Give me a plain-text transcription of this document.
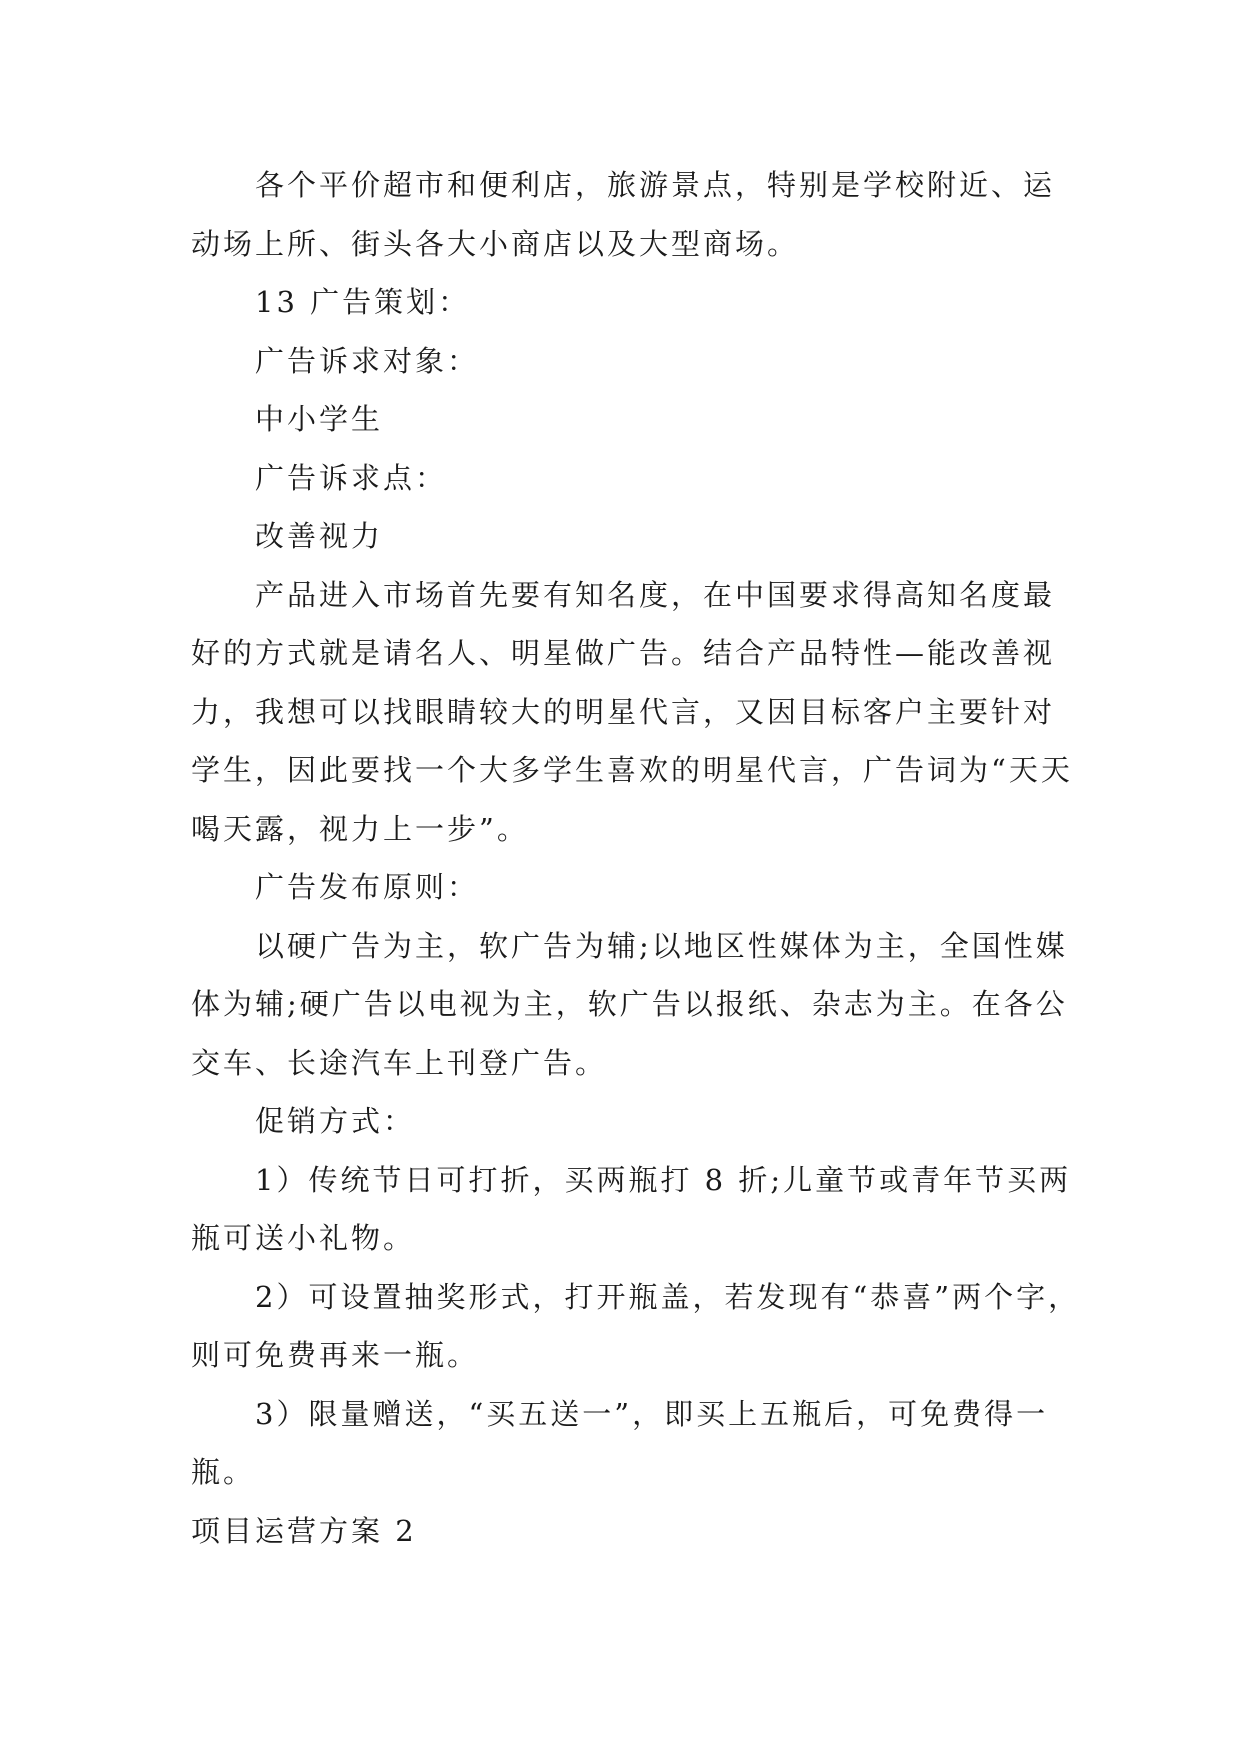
各个平价超市和便利店，旅游景点，特别是学校附近、运动场上所、街头各大小商店以及大型商场。

13 广告策划：

广告诉求对象：

中小学生

广告诉求点：

改善视力

产品进入市场首先要有知名度，在中国要求得高知名度最好的方式就是请名人、明星做广告。结合产品特性—能改善视力，我想可以找眼睛较大的明星代言，又因目标客户主要针对学生，因此要找一个大多学生喜欢的明星代言，广告词为“天天喝天露，视力上一步”。

广告发布原则：

以硬广告为主，软广告为辅;以地区性媒体为主，全国性媒体为辅;硬广告以电视为主，软广告以报纸、杂志为主。在各公交车、长途汽车上刊登广告。

促销方式：

1）传统节日可打折，买两瓶打 8 折;儿童节或青年节买两瓶可送小礼物。

2）可设置抽奖形式，打开瓶盖，若发现有“恭喜”两个字，则可免费再来一瓶。

3）限量赠送，“买五送一”，即买上五瓶后，可免费得一瓶。

项目运营方案 2
